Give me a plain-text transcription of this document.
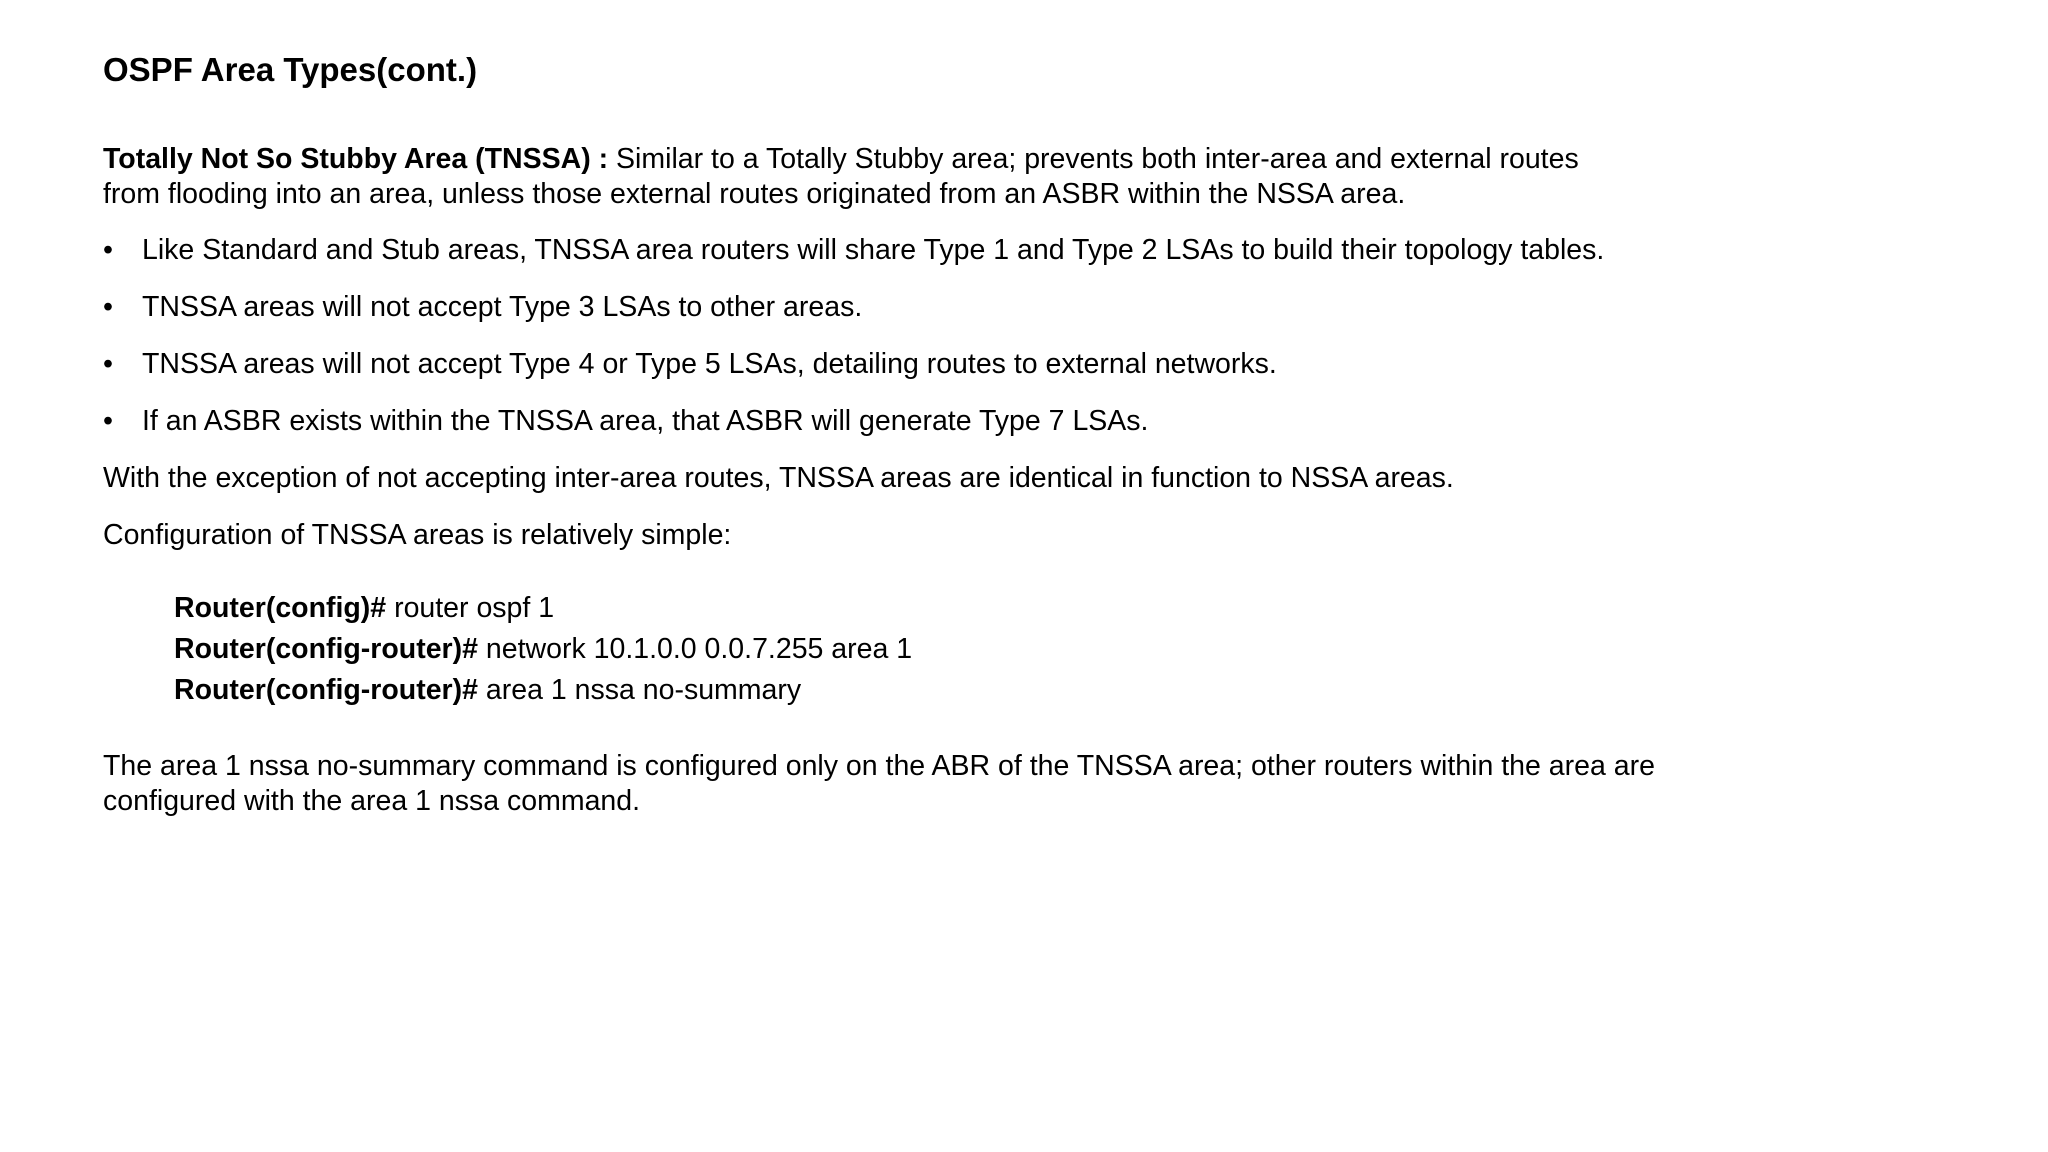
OSPF Area Types(cont.)

Totally Not So Stubby Area (TNSSA) : Similar to a Totally Stubby area; prevents both inter-area and external routes
from flooding into an area, unless those external routes originated from an ASBR within the NSSA area.

• Like Standard and Stub areas, TNSSA area routers will share Type 1 and Type 2 LSAs to build their topology tables.
• TNSSA areas will not accept Type 3 LSAs to other areas.
• TNSSA areas will not accept Type 4 or Type 5 LSAs, detailing routes to external networks.
• If an ASBR exists within the TNSSA area, that ASBR will generate Type 7 LSAs.

With the exception of not accepting inter-area routes, TNSSA areas are identical in function to NSSA areas.

Configuration of TNSSA areas is relatively simple:

Router(config)# router ospf 1
Router(config-router)# network 10.1.0.0 0.0.7.255 area 1
Router(config-router)# area 1 nssa no-summary

The area 1 nssa no-summary command is configured only on the ABR of the TNSSA area; other routers within the area are
configured with the area 1 nssa command.
